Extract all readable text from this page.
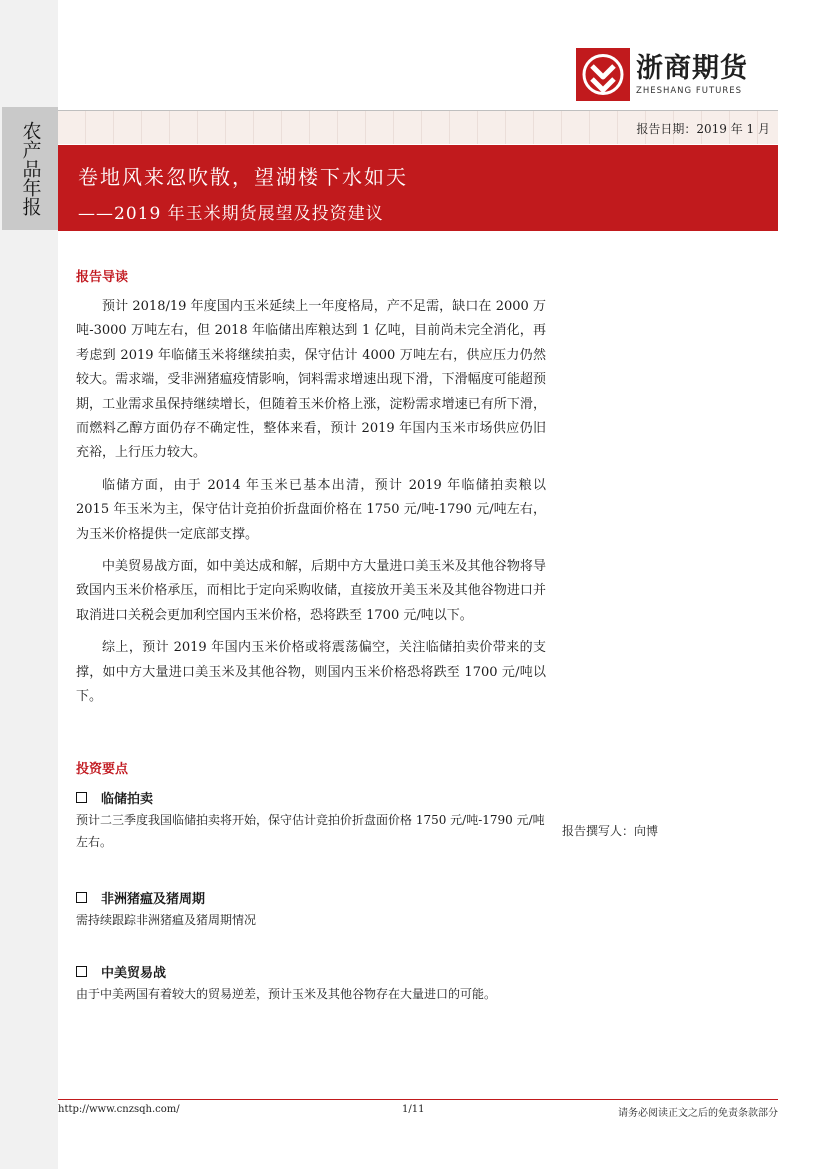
农产品年报
浙商期货
ZHESHANG FUTURES
报告日期：2019 年 1 月
卷地风来忽吹散，望湖楼下水如天
——2019 年玉米期货展望及投资建议
报告导读

预计 2018/19 年度国内玉米延续上一年度格局，产不足需，缺口在 2000 万吨-3000 万吨左右，但 2018 年临储出库粮达到 1 亿吨，目前尚未完全消化，再考虑到 2019 年临储玉米将继续拍卖，保守估计 4000 万吨左右，供应压力仍然较大。需求端，受非洲猪瘟疫情影响，饲料需求增速出现下滑，下滑幅度可能超预期，工业需求虽保持继续增长，但随着玉米价格上涨，淀粉需求增速已有所下滑，而燃料乙醇方面仍存不确定性，整体来看，预计 2019 年国内玉米市场供应仍旧充裕，上行压力较大。

临储方面，由于 2014 年玉米已基本出清，预计 2019 年临储拍卖粮以 2015 年玉米为主，保守估计竞拍价折盘面价格在 1750 元/吨-1790 元/吨左右，为玉米价格提供一定底部支撑。

中美贸易战方面，如中美达成和解，后期中方大量进口美玉米及其他谷物将导致国内玉米价格承压，而相比于定向采购收储，直接放开美玉米及其他谷物进口并取消进口关税会更加利空国内玉米价格，恐将跌至 1700 元/吨以下。

综上，预计 2019 年国内玉米价格或将震荡偏空，关注临储拍卖价带来的支撑，如中方大量进口美玉米及其他谷物，则国内玉米价格恐将跌至 1700 元/吨以下。

投资要点
临储拍卖

预计二三季度我国临储拍卖将开始，保守估计竞拍价折盘面价格 1750 元/吨-1790 元/吨左右。

非洲猪瘟及猪周期

需持续跟踪非洲猪瘟及猪周期情况

中美贸易战

由于中美两国有着较大的贸易逆差，预计玉米及其他谷物存在大量进口的可能。

报告撰写人：向博
http://www.cnzsqh.com/	1/11	请务必阅读正文之后的免责条款部分
